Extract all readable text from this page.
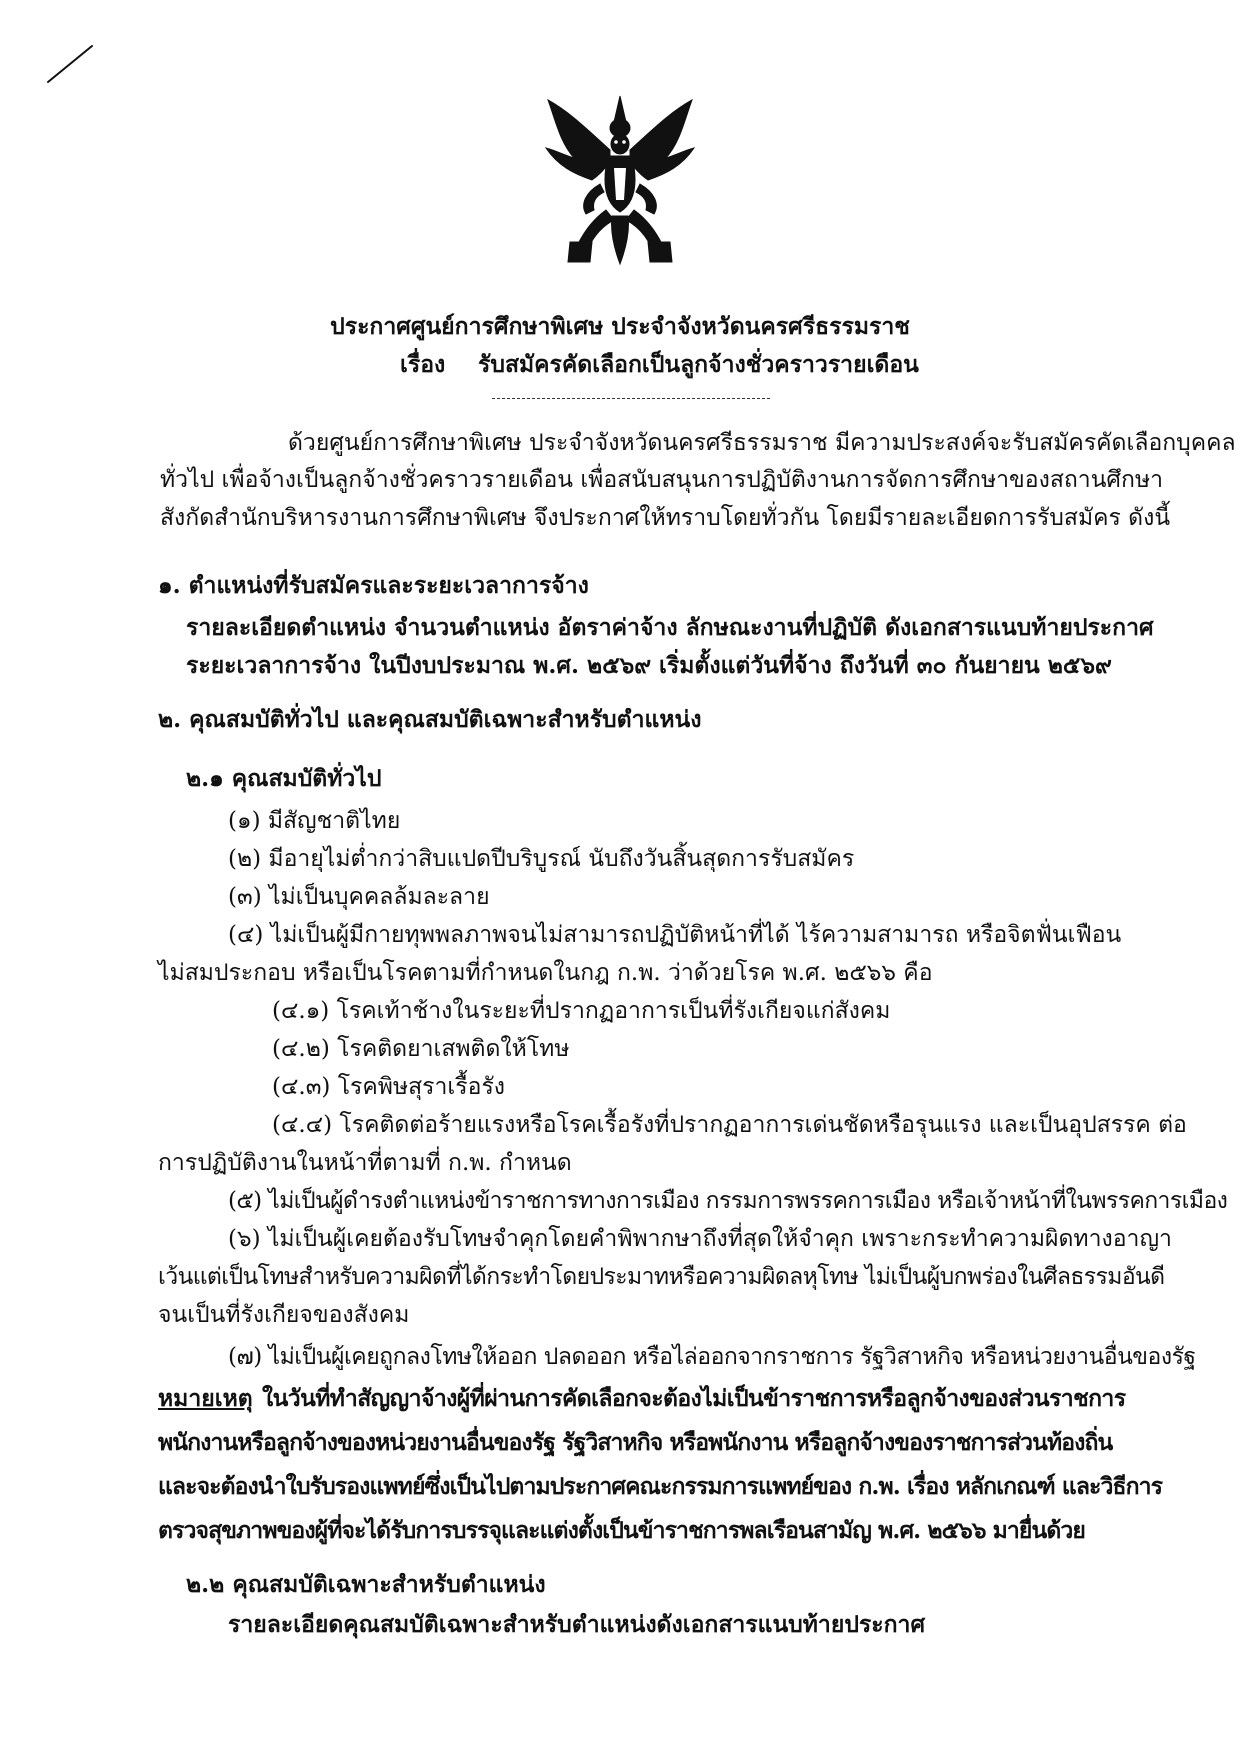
ประกาศศูนย์การศึกษาพิเศษ ประจำจังหวัดนครศรีธรรมราช
เรื่อง รับสมัครคัดเลือกเป็นลูกจ้างชั่วคราวรายเดือน
ด้วยศูนย์การศึกษาพิเศษ ประจำจังหวัดนครศรีธรรมราช มีความประสงค์จะรับสมัครคัดเลือกบุคคล
ทั่วไป เพื่อจ้างเป็นลูกจ้างชั่วคราวรายเดือน เพื่อสนับสนุนการปฏิบัติงานการจัดการศึกษาของสถานศึกษา
สังกัดสำนักบริหารงานการศึกษาพิเศษ จึงประกาศให้ทราบโดยทั่วกัน โดยมีรายละเอียดการรับสมัคร ดังนี้
๑. ตำแหน่งที่รับสมัครและระยะเวลาการจ้าง
รายละเอียดตำแหน่ง จำนวนตำแหน่ง อัตราค่าจ้าง ลักษณะงานที่ปฏิบัติ ดังเอกสารแนบท้ายประกาศ
ระยะเวลาการจ้าง ในปีงบประมาณ พ.ศ. ๒๕๖๙ เริ่มตั้งแต่วันที่จ้าง ถึงวันที่ ๓๐ กันยายน ๒๕๖๙
๒. คุณสมบัติทั่วไป และคุณสมบัติเฉพาะสำหรับตำแหน่ง
๒.๑ คุณสมบัติทั่วไป
(๑) มีสัญชาติไทย
(๒) มีอายุไม่ต่ำกว่าสิบแปดปีบริบูรณ์ นับถึงวันสิ้นสุดการรับสมัคร
(๓) ไม่เป็นบุคคลล้มละลาย
(๔) ไม่เป็นผู้มีกายทุพพลภาพจนไม่สามารถปฏิบัติหน้าที่ได้ ไร้ความสามารถ หรือจิตฟั่นเฟือน
ไม่สมประกอบ หรือเป็นโรคตามที่กำหนดในกฎ ก.พ. ว่าด้วยโรค พ.ศ. ๒๕๖๖ คือ
(๔.๑) โรคเท้าช้างในระยะที่ปรากฏอาการเป็นที่รังเกียจแก่สังคม
(๔.๒) โรคติดยาเสพติดให้โทษ
(๔.๓) โรคพิษสุราเรื้อรัง
(๔.๔) โรคติดต่อร้ายแรงหรือโรคเรื้อรังที่ปรากฏอาการเด่นชัดหรือรุนแรง และเป็นอุปสรรค ต่อ
การปฏิบัติงานในหน้าที่ตามที่ ก.พ. กำหนด
(๕) ไม่เป็นผู้ดำรงตำแหน่งข้าราชการทางการเมือง กรรมการพรรคการเมือง หรือเจ้าหน้าที่ในพรรคการเมือง
(๖) ไม่เป็นผู้เคยต้องรับโทษจำคุกโดยคำพิพากษาถึงที่สุดให้จำคุก เพราะกระทำความผิดทางอาญา
เว้นแต่เป็นโทษสำหรับความผิดที่ได้กระทำโดยประมาทหรือความผิดลหุโทษ ไม่เป็นผู้บกพร่องในศีลธรรมอันดี
จนเป็นที่รังเกียจของสังคม
(๗) ไม่เป็นผู้เคยถูกลงโทษให้ออก ปลดออก หรือไล่ออกจากราชการ รัฐวิสาหกิจ หรือหน่วยงานอื่นของรัฐ
หมายเหตุ ในวันที่ทำสัญญาจ้างผู้ที่ผ่านการคัดเลือกจะต้องไม่เป็นข้าราชการหรือลูกจ้างของส่วนราชการ
พนักงานหรือลูกจ้างของหน่วยงานอื่นของรัฐ รัฐวิสาหกิจ หรือพนักงาน หรือลูกจ้างของราชการส่วนท้องถิ่น
และจะต้องนำใบรับรองแพทย์ซึ่งเป็นไปตามประกาศคณะกรรมการแพทย์ของ ก.พ. เรื่อง หลักเกณฑ์ และวิธีการ
ตรวจสุขภาพของผู้ที่จะได้รับการบรรจุและแต่งตั้งเป็นข้าราชการพลเรือนสามัญ พ.ศ. ๒๕๖๖ มายื่นด้วย
๒.๒ คุณสมบัติเฉพาะสำหรับตำแหน่ง
รายละเอียดคุณสมบัติเฉพาะสำหรับตำแหน่งดังเอกสารแนบท้ายประกาศ
